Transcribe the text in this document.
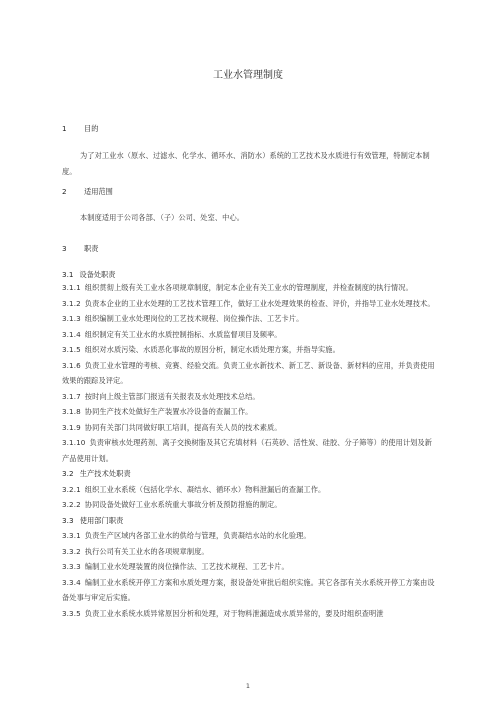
工业水管理制度
1 目的
为了对工业水（原水、过滤水、化学水、循环水、消防水）系统的工艺技术及水质进行有效管理，特制定本制度。
2 适用范围
本制度适用于公司各部、（子）公司、处室、中心。
3 职责
3.1 设备处职责
3.1.1 组织贯彻上级有关工业水各项规章制度，制定本企业有关工业水的管理制度，并检查制度的执行情况。
3.1.2 负责本企业的工业水处理的工艺技术管理工作，做好工业水处理效果的检查、评价，并指导工业水处理技术。
3.1.3 组织编制工业水处理岗位的工艺技术规程、岗位操作法、工艺卡片。
3.1.4 组织制定有关工业水的水质控制指标、水质监督项目及频率。
3.1.5 组织对水质污染、水质恶化事故的原因分析，制定水质处理方案，并指导实施。
3.1.6 负责工业水管理的考核、竞赛、经验交流。负责工业水新技术、新工艺、新设备、新材料的应用，并负责使用效果的跟踪及评定。
3.1.7 按时向上级主管部门报送有关报表及水处理技术总结。
3.1.8 协同生产技术处做好生产装置水冷设备的查漏工作。
3.1.9 协同有关部门共同做好职工培训，提高有关人员的技术素质。
3.1.10 负责审核水处理药剂、离子交换树脂及其它充填材料（石英砂、活性炭、硅胶、分子筛等）的使用计划及新产品使用计划。
3.2 生产技术处职责
3.2.1 组织工业水系统（包括化学水、凝结水、循环水）物料泄漏后的查漏工作。
3.2.2 协同设备处做好工业水系统重大事故分析及预防措施的制定。
3.3 使用部门职责
3.3.1 负责生产区域内各部工业水的供给与管理，负责凝结水站的水化验理。
3.3.2 执行公司有关工业水的各项规章制度。
3.3.3 编制工业水处理装置的岗位操作法、工艺技术规程、工艺卡片。
3.3.4 编制工业水系统开停工方案和水质处理方案，报设备处审批后组织实施。其它各部有关水系统开停工方案由设备处事与审定后实施。
3.3.5 负责工业水系统水质异常原因分析和处理，对于物料泄漏造成水质异常的，要及时组织查明泄
1
